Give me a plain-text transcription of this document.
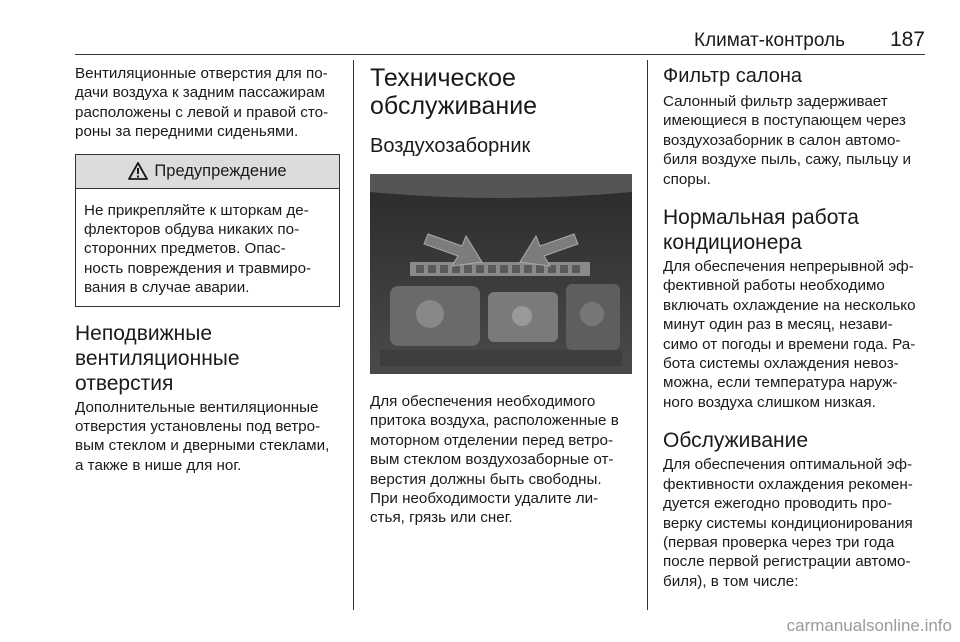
Климат-контроль 187

Вентиляционные отверстия для по-
дачи воздуха к задним пассажирам
расположены с левой и правой сто-
роны за передними сиденьями.

Предупреждение

Не прикрепляйте к шторкам де-
флекторов обдува никаких по-
сторонних предметов. Опас-
ность повреждения и травмиро-
вания в случае аварии.

Неподвижные
вентиляционные
отверстия

Дополнительные вентиляционные
отверстия установлены под ветро-
вым стеклом и дверными стеклами,
а также в нише для ног.

Техническое
обслуживание
Воздухозаборник

Для обеспечения необходимого
притока воздуха, расположенные в
моторном отделении перед ветро-
вым стеклом воздухозаборные от-
верстия должны быть свободны.
При необходимости удалите ли-
стья, грязь или снег.

Фильтр салона

Салонный фильтр задерживает
имеющиеся в поступающем через
воздухозаборник в салон автомо-
биля воздухе пыль, сажу, пыльцу и
споры.

Нормальная работа
кондиционера

Для обеспечения непрерывной эф-
фективной работы необходимо
включать охлаждение на несколько
минут один раз в месяц, незави-
симо от погоды и времени года. Ра-
бота системы охлаждения невоз-
можна, если температура наруж-
ного воздуха слишком низкая.

Обслуживание

Для обеспечения оптимальной эф-
фективности охлаждения рекомен-
дуется ежегодно проводить про-
верку системы кондиционирования
(первая проверка через три года
после первой регистрации автомо-
биля), в том числе:

carmanualsonline.info
